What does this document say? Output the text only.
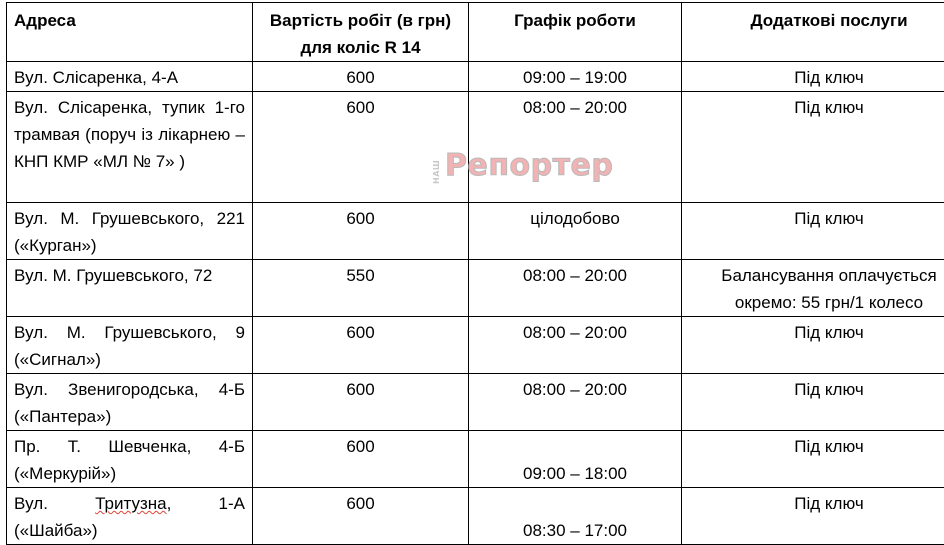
Адреса	Вартість робіт (в грн) для коліс R 14	Графік роботи	Додаткові послуги
Вул. Слісаренка, 4-А	600	09:00 – 19:00	Під ключ
Вул. Слісаренка, тупик 1-го трамвая (поруч із лікарнею – КНП КМР «МЛ № 7» )	600	08:00 – 20:00	Під ключ
Вул. М. Грушевського, 221 («Курган»)	600	цілодобово	Під ключ
Вул. М. Грушевського, 72	550	08:00 – 20:00	Балансування оплачується окремо: 55 грн/1 колесо
Вул. М. Грушевського, 9 («Сигнал»)	600	08:00 – 20:00	Під ключ
Вул. Звенигородська, 4-Б («Пантера»)	600	08:00 – 20:00	Під ключ
Пр. Т. Шевченка, 4-Б («Меркурій»)	600	09:00 – 18:00	Під ключ
Вул. Тритузна, 1-А («Шайба»)	600	08:30 – 17:00	Під ключ
НАШ Репортер
